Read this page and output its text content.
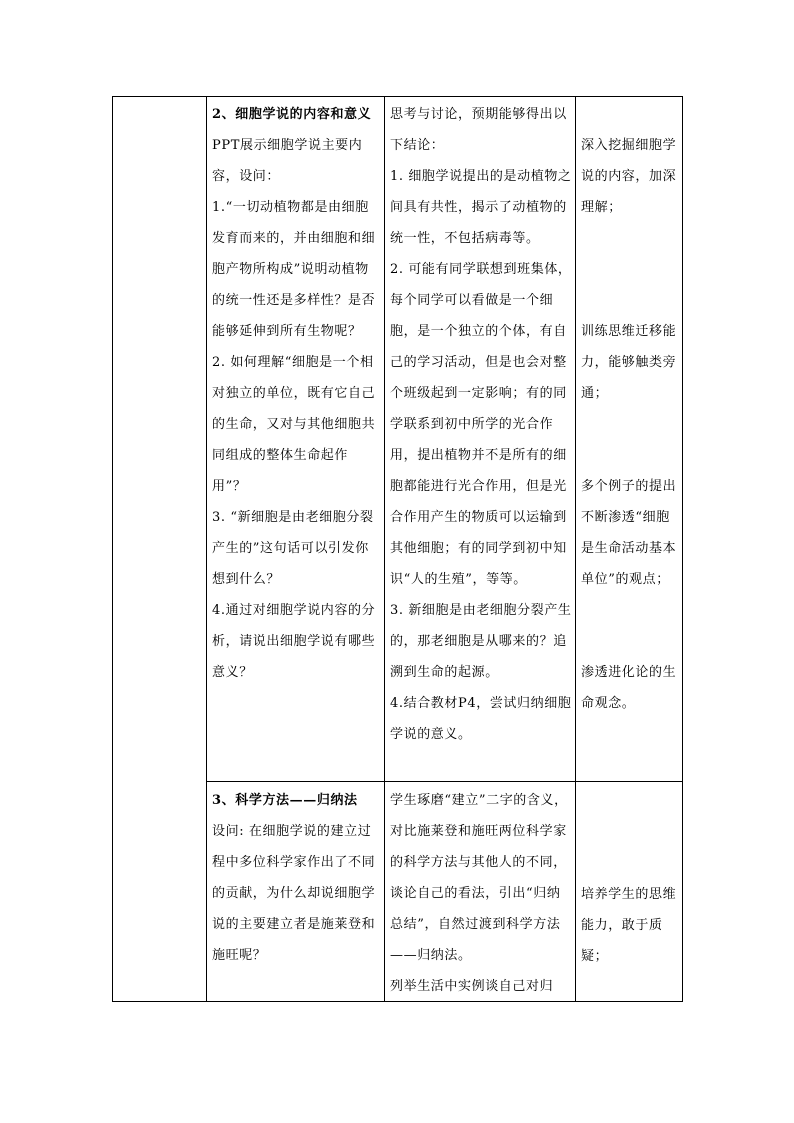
2、细胞学说的内容和意义

PPT展示细胞学说主要内容，设问：

1.“一切动植物都是由细胞发育而来的，并由细胞和细胞产物所构成”说明动植物的统一性还是多样性？是否能够延伸到所有生物呢？

2. 如何理解“细胞是一个相对独立的单位，既有它自己的生命，又对与其他细胞共同组成的整体生命起作用”？

3. “新细胞是由老细胞分裂产生的”这句话可以引发你想到什么？

4.通过对细胞学说内容的分析，请说出细胞学说有哪些意义？

思考与讨论，预期能够得出以下结论：

1. 细胞学说提出的是动植物之间具有共性，揭示了动植物的统一性，不包括病毒等。

2. 可能有同学联想到班集体，每个同学可以看做是一个细胞，是一个独立的个体，有自己的学习活动，但是也会对整个班级起到一定影响；有的同学联系到初中所学的光合作用，提出植物并不是所有的细胞都能进行光合作用，但是光合作用产生的物质可以运输到其他细胞；有的同学到初中知识“人的生殖”，等等。

3. 新细胞是由老细胞分裂产生的，那老细胞是从哪来的？追溯到生命的起源。

4.结合教材P4，尝试归纳细胞学说的意义。

深入挖掘细胞学说的内容，加深理解；

训练思维迁移能力，能够触类旁通；

多个例子的提出不断渗透“细胞是生命活动基本单位”的观点；

渗透进化论的生命观念。

3、科学方法——归纳法

设问: 在细胞学说的建立过程中多位科学家作出了不同的贡献，为什么却说细胞学说的主要建立者是施莱登和施旺呢？

学生琢磨“建立”二字的含义，对比施莱登和施旺两位科学家的科学方法与其他人的不同，谈论自己的看法，引出“归纳总结”，自然过渡到科学方法——归纳法。

列举生活中实例谈自己对归

培养学生的思维能力，敢于质疑；
